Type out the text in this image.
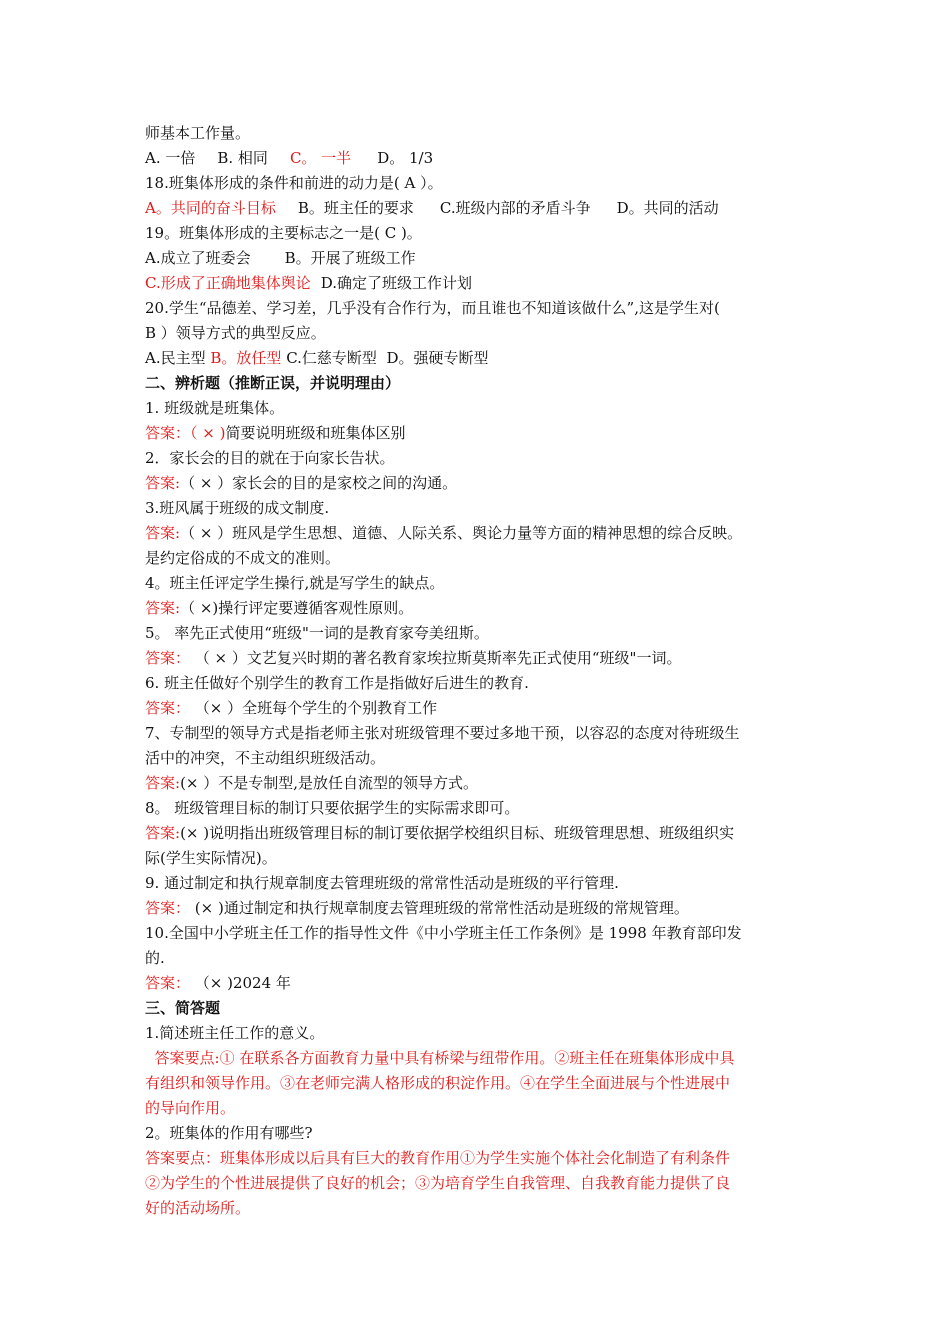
师基本工作量。
A. 一倍 B. 相同 C。 一半 D。 1/3
18.班集体形成的条件和前进的动力是( A ）。
A。共同的奋斗目标 B。班主任的要求 C.班级内部的矛盾斗争 D。共同的活动
19。班集体形成的主要标志之一是( C )。
A.成立了班委会 B。开展了班级工作
C.形成了正确地集体舆论 D.确定了班级工作计划
20.学生“品德差、学习差，几乎没有合作行为，而且谁也不知道该做什么”,这是学生对(
B ）领导方式的典型反应。
A.民主型 B。放任型 C.仁慈专断型 D。强硬专断型
二、辨析题（推断正误，并说明理由）
1. 班级就是班集体。
答案：（ × )简要说明班级和班集体区别
2．家长会的目的就在于向家长告状。
答案:（ × ）家长会的目的是家校之间的沟通。
3.班风属于班级的成文制度.
答案:（ × ）班风是学生思想、道德、人际关系、舆论力量等方面的精神思想的综合反映。
是约定俗成的不成文的准则。
4。班主任评定学生操行,就是写学生的缺点。
答案:（ ×)操行评定要遵循客观性原则。
5。 率先正式使用“班级"一词的是教育家夸美纽斯。
答案： （ × ）文艺复兴时期的著名教育家埃拉斯莫斯率先正式使用“班级"一词。
6. 班主任做好个别学生的教育工作是指做好后进生的教育.
答案： （× ）全班每个学生的个别教育工作
7、专制型的领导方式是指老师主张对班级管理不要过多地干预，以容忍的态度对待班级生
活中的冲突，不主动组织班级活动。
答案:(× ）不是专制型,是放任自流型的领导方式。
8。 班级管理目标的制订只要依据学生的实际需求即可。
答案:(× )说明指出班级管理目标的制订要依据学校组织目标、班级管理思想、班级组织实
际(学生实际情况)。
9. 通过制定和执行规章制度去管理班级的常常性活动是班级的平行管理.
答案： (× )通过制定和执行规章制度去管理班级的常常性活动是班级的常规管理。
10.全国中小学班主任工作的指导性文件《中小学班主任工作条例》是 1998 年教育部印发
的.
答案： （× )2024 年
三、简答题
1.简述班主任工作的意义。
答案要点:① 在联系各方面教育力量中具有桥梁与纽带作用。②班主任在班集体形成中具
有组织和领导作用。③在老师完满人格形成的积淀作用。④在学生全面进展与个性进展中
的导向作用。
2。班集体的作用有哪些?
答案要点：班集体形成以后具有巨大的教育作用①为学生实施个体社会化制造了有利条件
②为学生的个性进展提供了良好的机会；③为培育学生自我管理、自我教育能力提供了良
好的活动场所。
